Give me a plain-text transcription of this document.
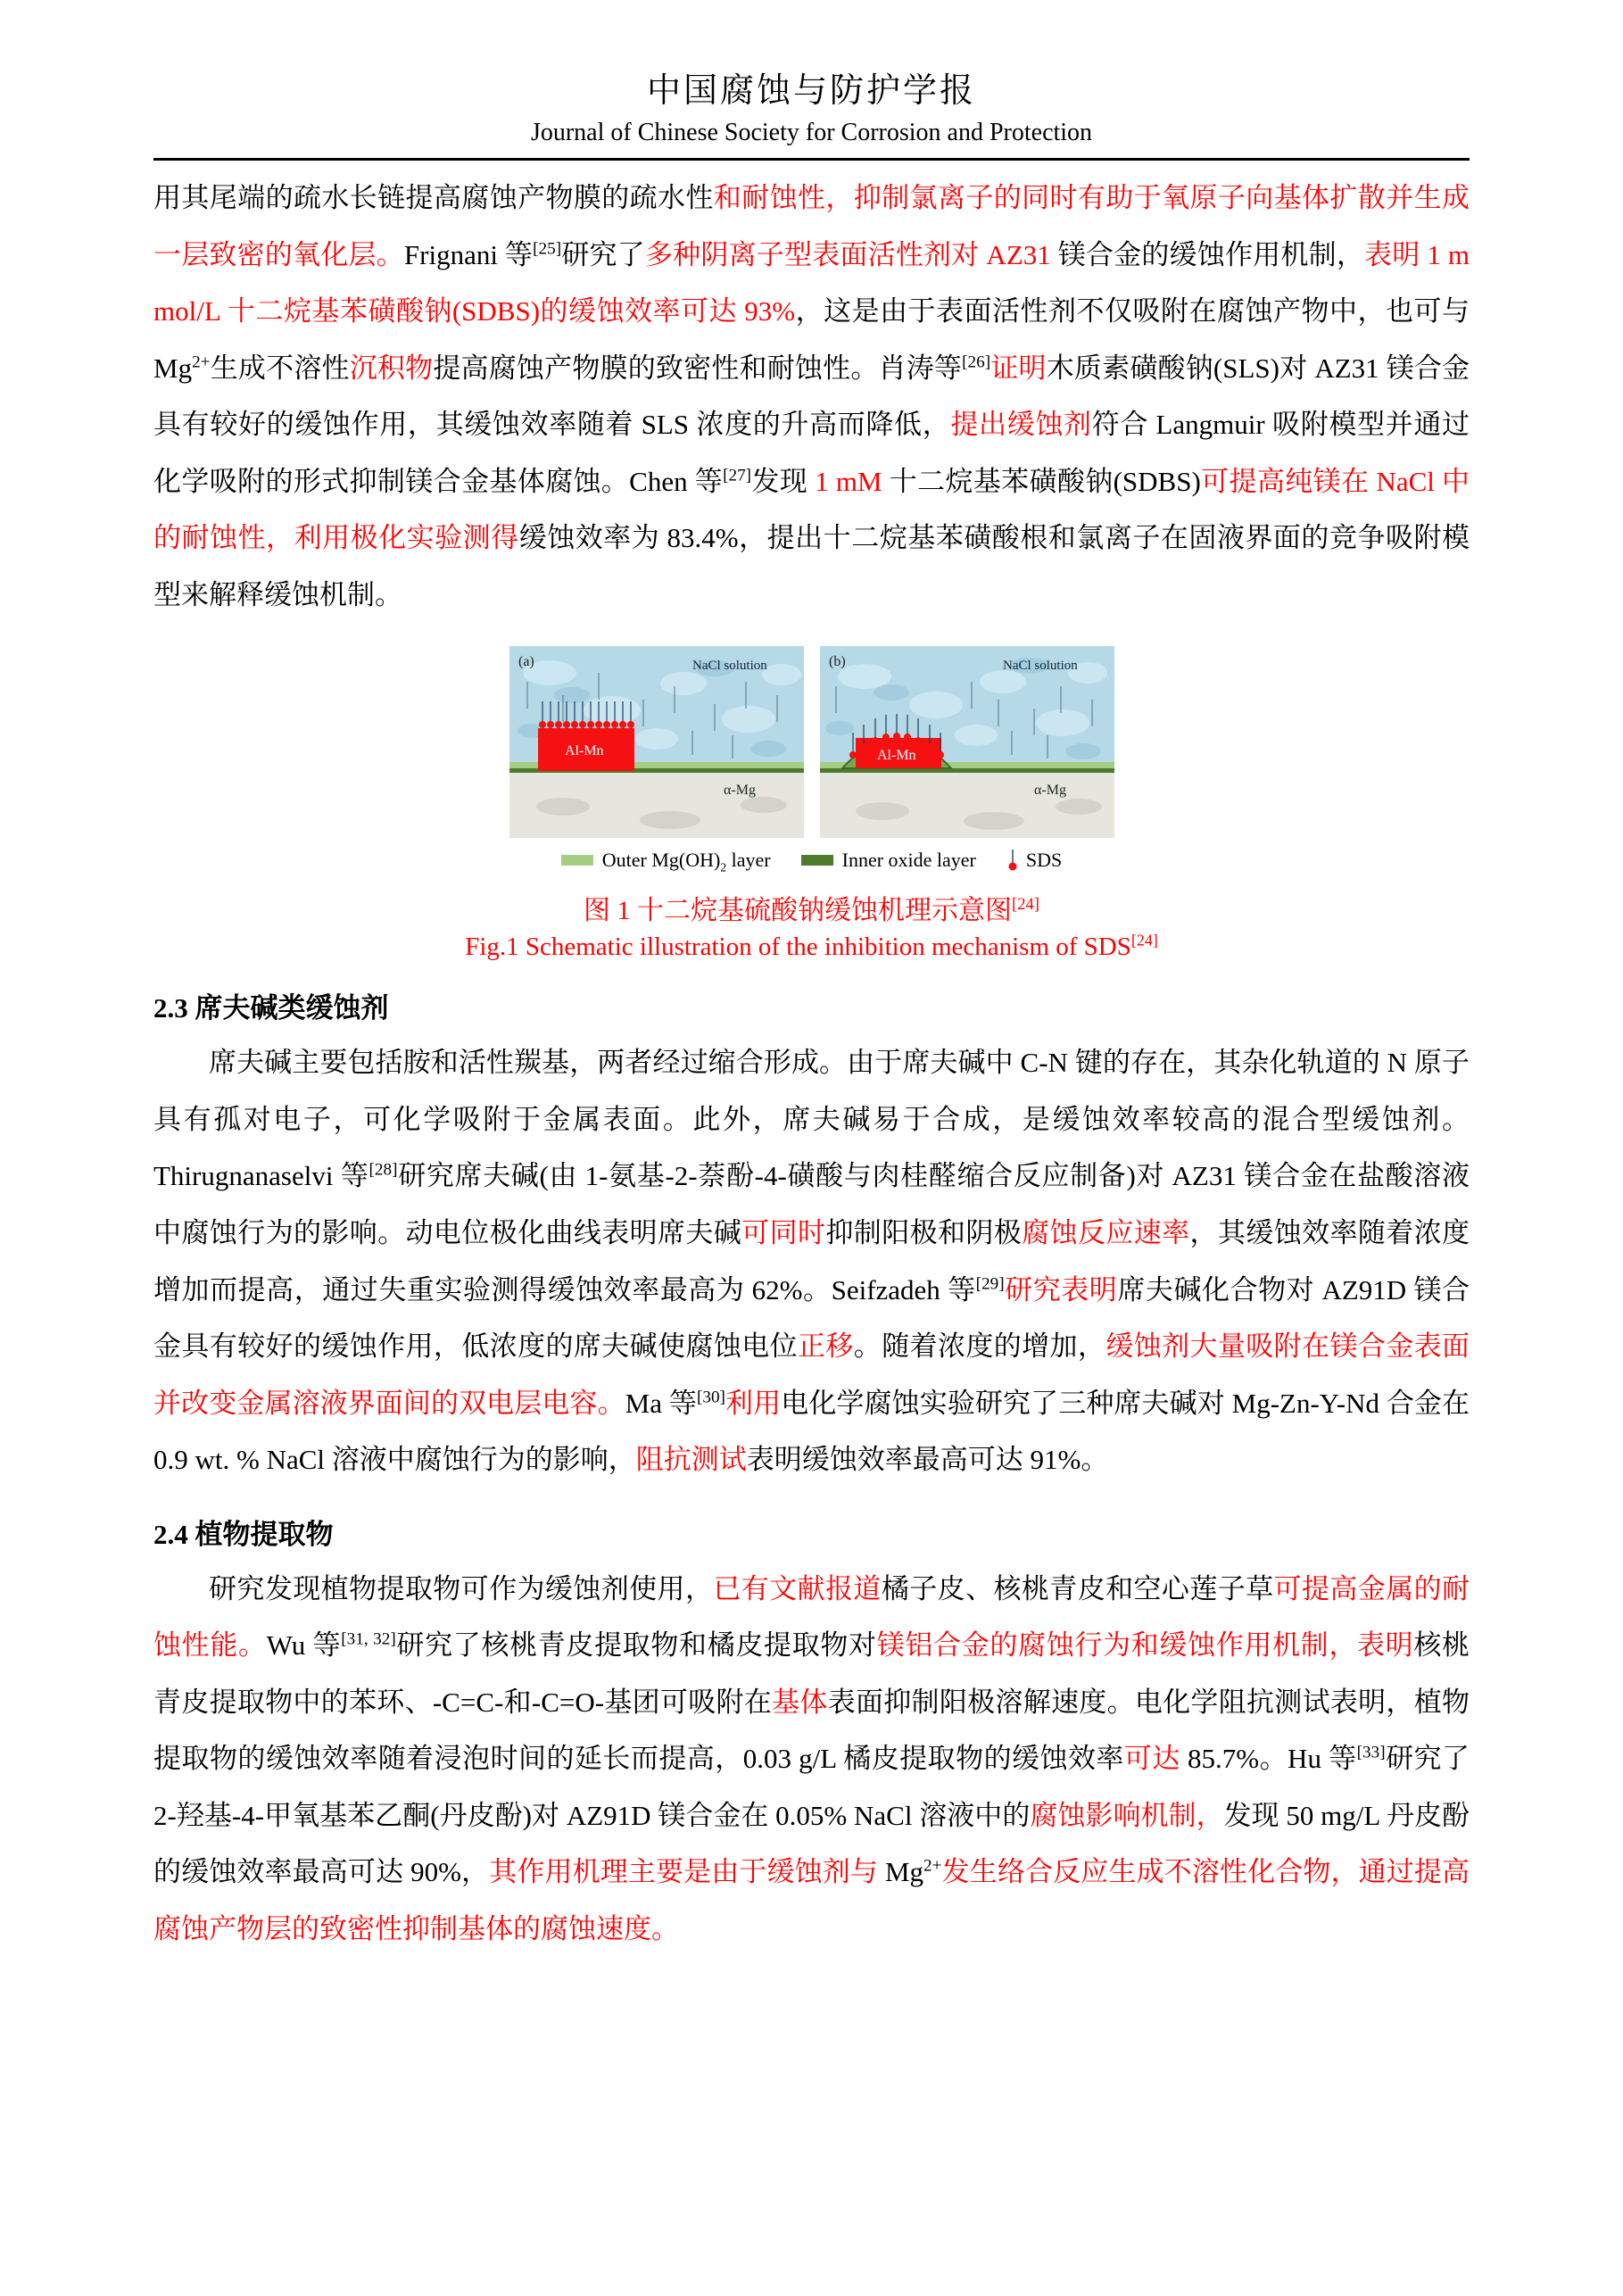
中国腐蚀与防护学报
Journal of Chinese Society for Corrosion and Protection

用其尾端的疏水长链提高腐蚀产物膜的疏水性和耐蚀性，抑制氯离子的同时有助于氧原子向基体扩散并生成一层致密的氧化层。Frignani 等[25]研究了多种阴离子型表面活性剂对 AZ31 镁合金的缓蚀作用机制，表明 1 m mol/L 十二烷基苯磺酸钠(SDBS)的缓蚀效率可达 93%，这是由于表面活性剂不仅吸附在腐蚀产物中，也可与 $Mg^{2+}$生成不溶性沉积物提高腐蚀产物膜的致密性和耐蚀性。肖涛等[26]证明木质素磺酸钠(SLS)对 AZ31 镁合金具有较好的缓蚀作用，其缓蚀效率随着 SLS 浓度的升高而降低，提出缓蚀剂符合 Langmuir 吸附模型并通过化学吸附的形式抑制镁合金基体腐蚀。Chen 等[27]发现 1 mM 十二烷基苯磺酸钠(SDBS)可提高纯镁在 NaCl 中的耐蚀性，利用极化实验测得缓蚀效率为 83.4%，提出十二烷基苯磺酸根和氯离子在固液界面的竞争吸附模型来解释缓蚀机制。

(a)	NaCl solution
Al-Mn
α-Mg
(b)	NaCl solution
Al-Mn
α-Mg
Outer $Mg(OH)_2$ layer	Inner oxide layer	SDS

图 1 十二烷基硫酸钠缓蚀机理示意图[24]

Fig.1 Schematic illustration of the inhibition mechanism of SDS[24]

2.3 席夫碱类缓蚀剂

席夫碱主要包括胺和活性羰基，两者经过缩合形成。由于席夫碱中 C-N 键的存在，其杂化轨道的 N 原子具有孤对电子，可化学吸附于金属表面。此外，席夫碱易于合成，是缓蚀效率较高的混合型缓蚀剂。Thirugnanaselvi 等[28]研究席夫碱(由 1-氨基-2-萘酚-4-磺酸与肉桂醛缩合反应制备)对 AZ31 镁合金在盐酸溶液中腐蚀行为的影响。动电位极化曲线表明席夫碱可同时抑制阳极和阴极腐蚀反应速率，其缓蚀效率随着浓度增加而提高，通过失重实验测得缓蚀效率最高为 62%。Seifzadeh 等[29]研究表明席夫碱化合物对 AZ91D 镁合金具有较好的缓蚀作用，低浓度的席夫碱使腐蚀电位正移。随着浓度的增加，缓蚀剂大量吸附在镁合金表面并改变金属溶液界面间的双电层电容。Ma 等[30]利用电化学腐蚀实验研究了三种席夫碱对 Mg-Zn-Y-Nd 合金在 0.9 wt. % NaCl 溶液中腐蚀行为的影响，阻抗测试表明缓蚀效率最高可达 91%。

2.4 植物提取物

研究发现植物提取物可作为缓蚀剂使用，已有文献报道橘子皮、核桃青皮和空心莲子草可提高金属的耐蚀性能。Wu 等[31, 32]研究了核桃青皮提取物和橘皮提取物对镁铝合金的腐蚀行为和缓蚀作用机制，表明核桃青皮提取物中的苯环、-C=C-和-C=O-基团可吸附在基体表面抑制阳极溶解速度。电化学阻抗测试表明，植物提取物的缓蚀效率随着浸泡时间的延长而提高，0.03 g/L 橘皮提取物的缓蚀效率可达 85.7%。Hu 等[33]研究了 2-羟基-4-甲氧基苯乙酮(丹皮酚)对 AZ91D 镁合金在 0.05% NaCl 溶液中的腐蚀影响机制，发现 50 mg/L 丹皮酚的缓蚀效率最高可达 90%，其作用机理主要是由于缓蚀剂与 $Mg^{2+}$发生络合反应生成不溶性化合物，通过提高腐蚀产物层的致密性抑制基体的腐蚀速度。
